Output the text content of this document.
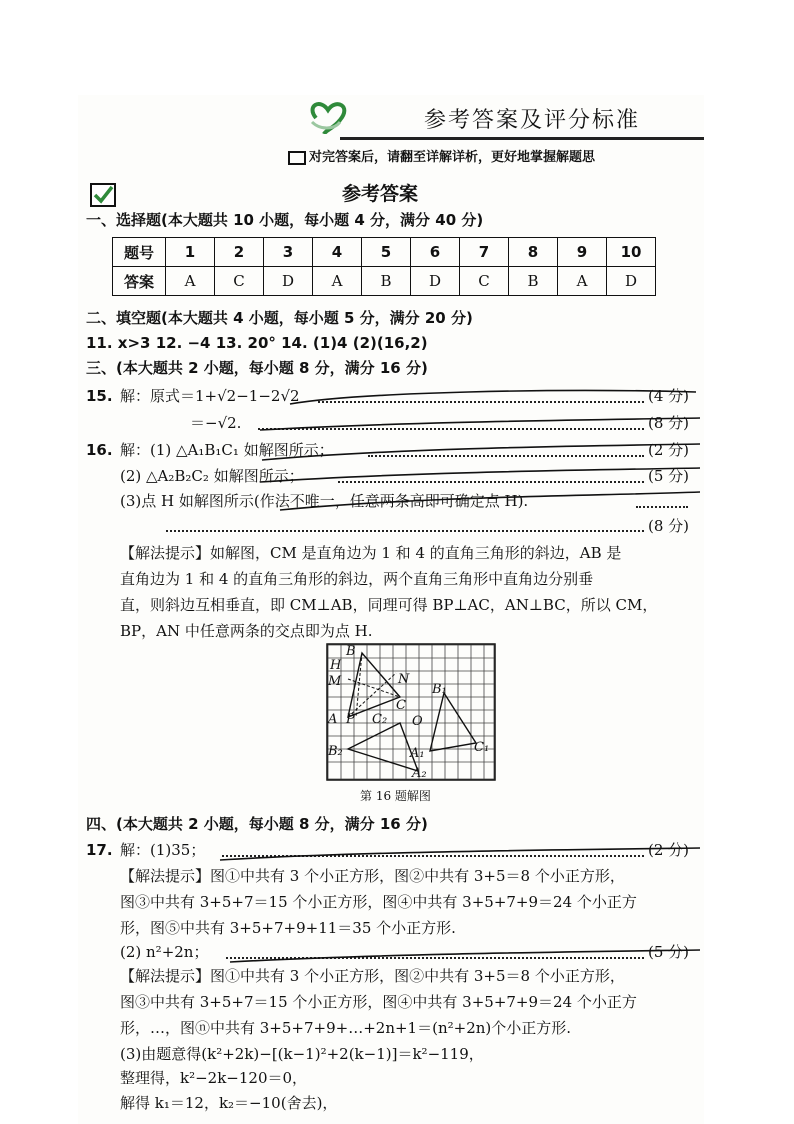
参考答案及评分标准
对完答案后，请翻至详解详析，更好地掌握解题思
参考答案
一、选择题(本大题共 10 小题，每小题 4 分，满分 40 分)
题号	1	2	3	4	5	6	7	8	9	10
答案	A	C	D	A	B	D	C	B	A	D
二、填空题(本大题共 4 小题，每小题 5 分，满分 20 分)
11. x>3 12. −4 13. 20° 14. (1)4 (2)(16,2)
三、(本大题共 2 小题，每小题 8 分，满分 16 分)
15. 解：原式＝1+√2−1−2√2	(4 分)
＝−√2.	(8 分)
16. 解：(1) △A₁B₁C₁ 如解图所示；	(2 分)
(2) △A₂B₂C₂ 如解图所示；	(5 分)
(3)点 H 如解图所示(作法不唯一，任意两条高即可确定点 H).
(8 分)
【解法提示】如解图，CM 是直角边为 1 和 4 的直角三角形的斜边，AB 是
直角边为 1 和 4 的直角三角形的斜边，两个直角三角形中直角边分别垂
直，则斜边互相垂直，即 CM⊥AB，同理可得 BP⊥AC，AN⊥BC，所以 CM，
BP，AN 中任意两条的交点即为点 H.
B
H
M	N
C
A P C₂ O
B₁
C₁
B₂	A₁
A₂
第 16 题解图
四、(本大题共 2 小题，每小题 8 分，满分 16 分)
17. 解：(1)35；	(2 分)
【解法提示】图①中共有 3 个小正方形，图②中共有 3+5＝8 个小正方形，
图③中共有 3+5+7＝15 个小正方形，图④中共有 3+5+7+9＝24 个小正方
形，图⑤中共有 3+5+7+9+11＝35 个小正方形.
(2) n²+2n；	(5 分)
【解法提示】图①中共有 3 个小正方形，图②中共有 3+5＝8 个小正方形，
图③中共有 3+5+7＝15 个小正方形，图④中共有 3+5+7+9＝24 个小正方
形，…，图ⓝ中共有 3+5+7+9+…+2n+1＝(n²+2n)个小正方形.
(3)由题意得(k²+2k)−[(k−1)²+2(k−1)]＝k²−119，
整理得，k²−2k−120＝0，
解得 k₁＝12，k₂＝−10(舍去)，
